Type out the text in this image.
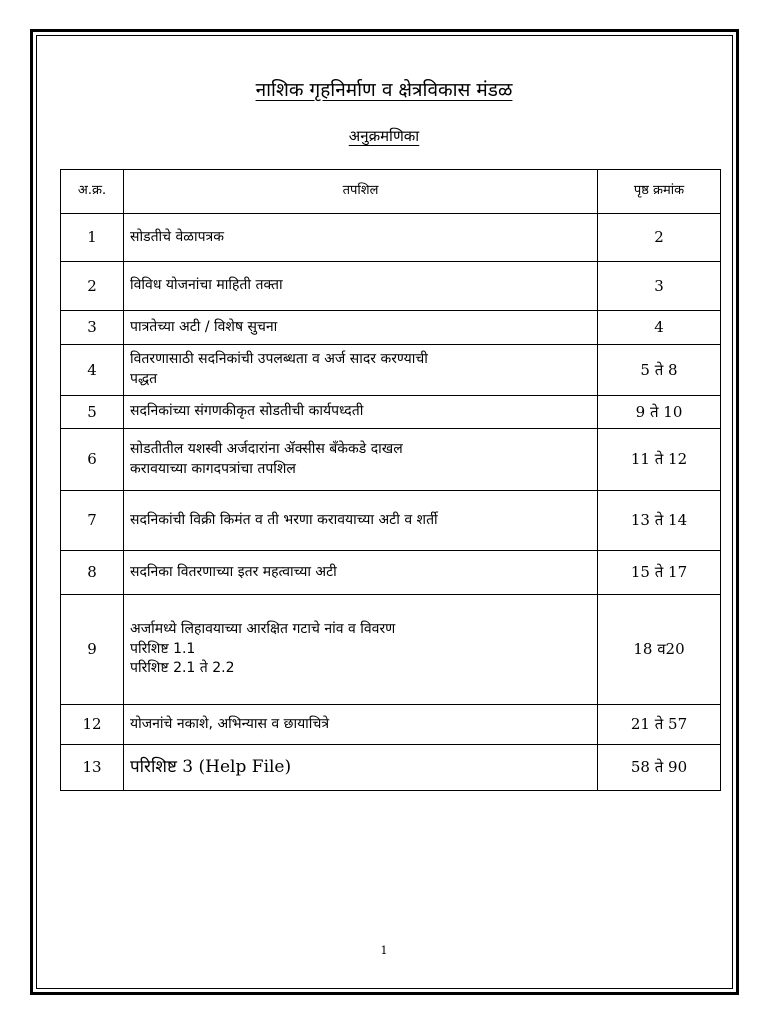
नाशिक गृहनिर्माण व क्षेत्रविकास मंडळ
अनुक्रमणिका
अ.क्र.	तपशिल	पृष्ठ क्रमांक
1	सोडतीचे वेळापत्रक	2
2	विविध योजनांचा माहिती तक्ता	3
3	पात्रतेच्या अटी / विशेष सुचना	4
4	वितरणासाठी सदनिकांची उपलब्धता व अर्ज सादर करण्याची
पद्धत	5 ते 8
5	सदनिकांच्या संगणकीकृत सोडतीची कार्यपध्दती	9 ते 10
6	सोडतीतील यशस्वी अर्जदारांना ॲक्सीस बँकेकडे दाखल
करावयाच्या कागदपत्रांचा तपशिल	11 ते 12
7	सदनिकांची विक्री किमंत व ती भरणा करावयाच्या अटी व शर्ती	13 ते 14
8	सदनिका वितरणाच्या इतर महत्वाच्या अटी	15 ते 17
9	अर्जामध्ये लिहावयाच्या आरक्षित गटाचे नांव व विवरण
परिशिष्ट 1.1
परिशिष्ट 2.1 ते 2.2	18 व20
12	योजनांचे नकाशे, अभिन्यास व छायाचित्रे	21 ते 57
13	परिशिष्ट 3 (Help File)	58 ते 90
1
